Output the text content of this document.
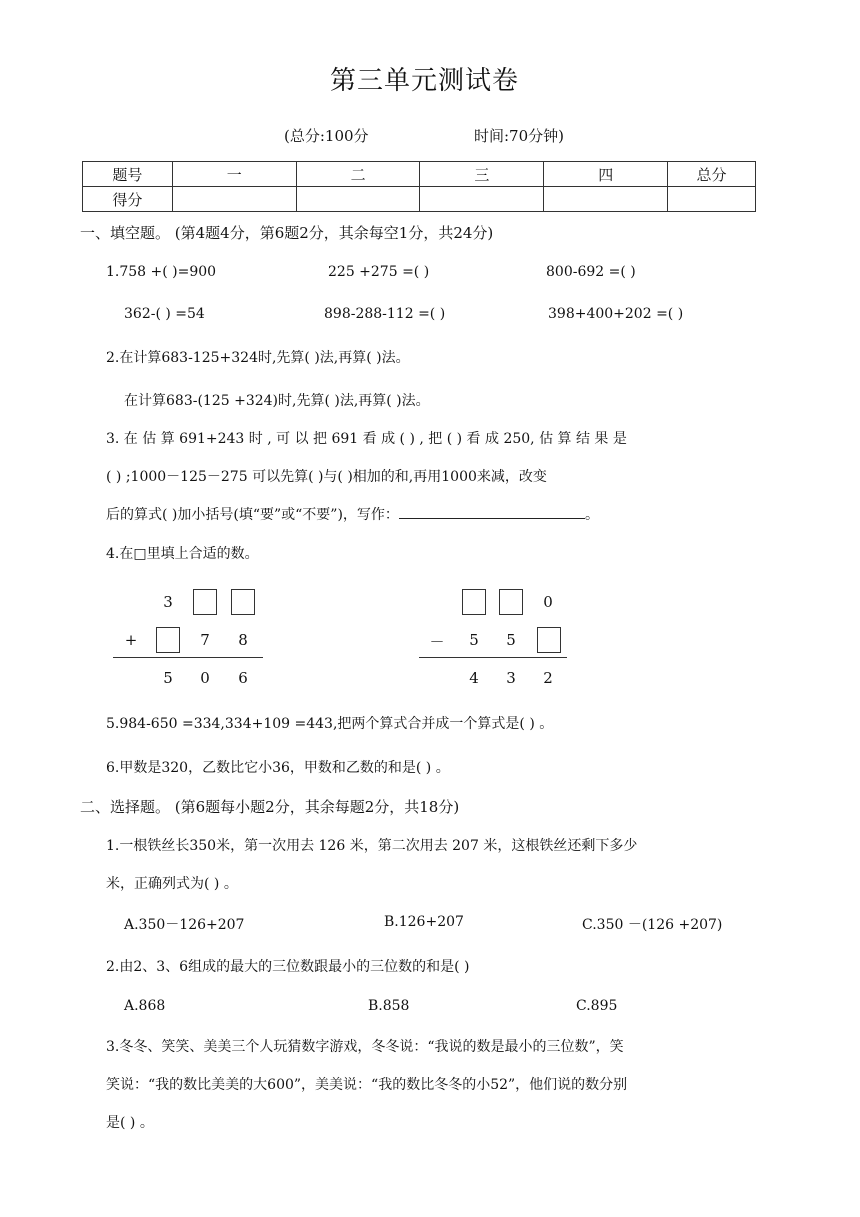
第三单元测试卷
(总分:100分	时间:70分钟)
题号	一	二	三	四	总分
得分					
一、填空题。 (第4题4分，第6题2分，其余每空1分，共24分)
1.758 +( )=900	225 +275 =( )	800-692 =( )
362-( ) =54	898-288-112 =( )	398+400+202 =( )
2.在计算683-125+324时,先算( )法,再算( )法。
在计算683-(125 +324)时,先算( )法,再算( )法。
3. 在 估 算 691+243 时 , 可 以 把 691 看 成 ( ) , 把 ( ) 看 成 250, 估 算 结 果 是
( ) ;1000－125－275 可以先算( )与( )相加的和,再用1000来减，改变
后的算式( )加小括号(填“要”或“不要”)，写作：	。
4.在□里填上合适的数。
3
+	7	8
5	0	6
0
－	5	5
4	3	2
5.984-650 =334,334+109 =443,把两个算式合并成一个算式是( ) 。
6.甲数是320，乙数比它小36，甲数和乙数的和是( ) 。
二、选择题。 (第6题每小题2分，其余每题2分，共18分)
1.一根铁丝长350米，第一次用去 126 米，第二次用去 207 米，这根铁丝还剩下多少
米，正确列式为( ) 。
A.350－126+207	B.126+207	C.350 －(126 +207)
2.由2、3、6组成的最大的三位数跟最小的三位数的和是( )
A.868	B.858	C.895
3.冬冬、笑笑、美美三个人玩猜数字游戏，冬冬说：“我说的数是最小的三位数”，笑
笑说：“我的数比美美的大600”，美美说：“我的数比冬冬的小52”，他们说的数分别
是( ) 。
